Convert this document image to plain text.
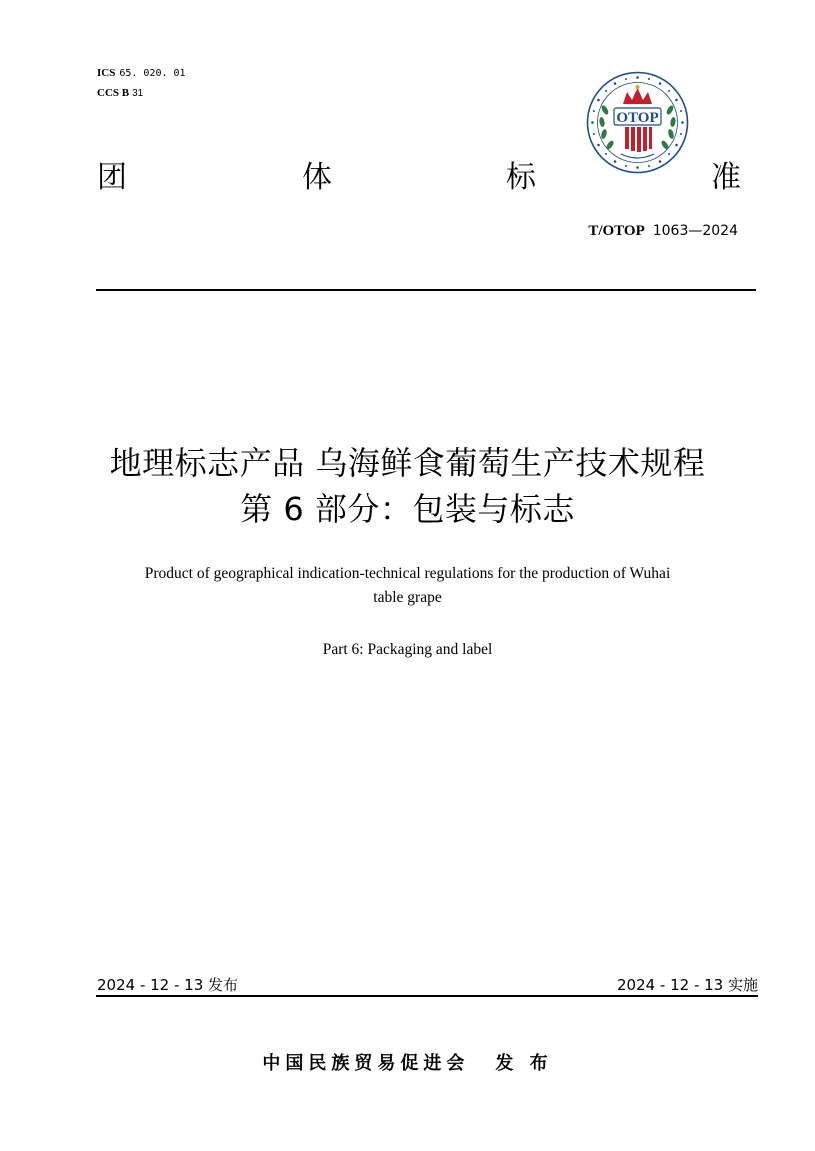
ICS 65. 020. 01
CCS B 31
OTOP
团	体	标	准
T/OTOP 1063—2024
地理标志产品 乌海鲜食葡萄生产技术规程
第 6 部分：包装与标志
Product of geographical indication-technical regulations for the production of Wuhai
table grape
Part 6: Packaging and label
2024 - 12 - 13 发布	2024 - 12 - 13 实施
中国民族贸易促进会 发 布
